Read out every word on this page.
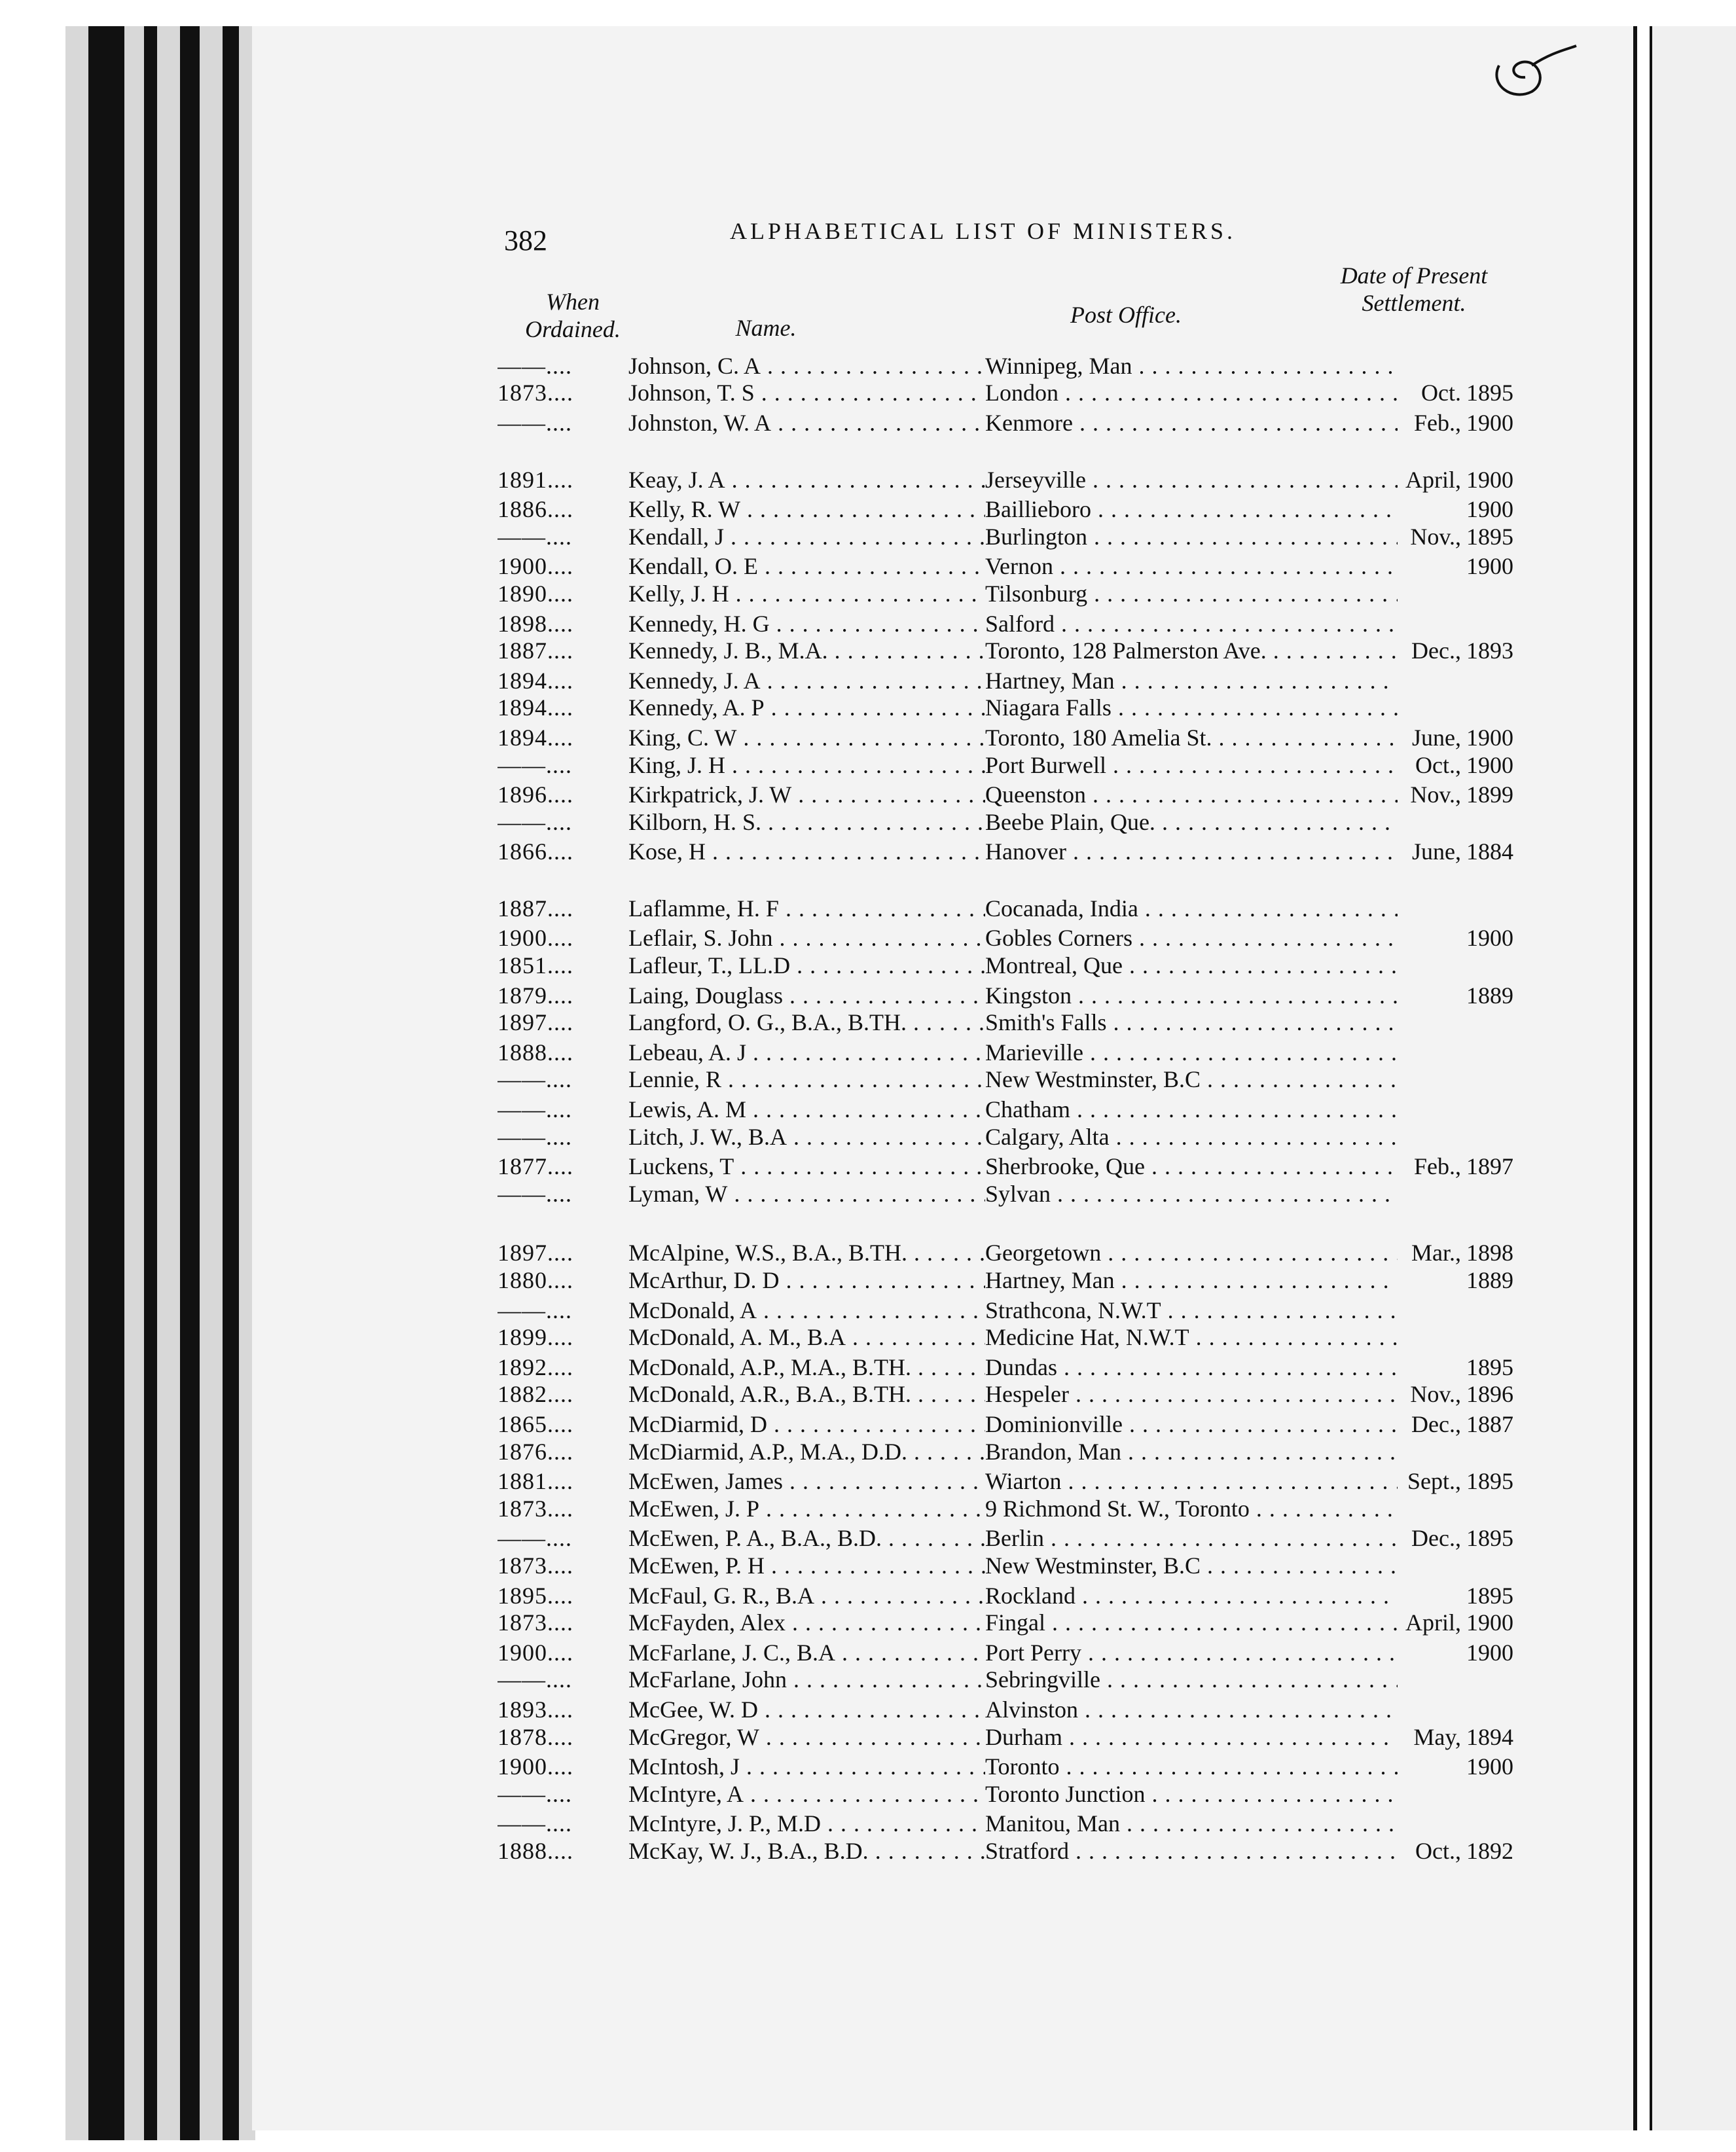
382	ALPHABETICAL LIST OF MINISTERS.
When Ordained.	Name.	Post Office.
Date of Present Settlement.
——....	Johnson, C. A . . .	Winnipeg, Man . . .
1873....	Johnson, T. S . . .	London . . .	Oct. 1895
——....	Johnston, W. A . . .	Kenmore . . .	Feb., 1900
1891....	Keay, J. A . . .	Jerseyville . . .	April, 1900
1886....	Kelly, R. W . . .	Baillieboro . . .	1900
——....	Kendall, J . . .	Burlington . . .	Nov., 1895
1900....	Kendall, O. E . . .	Vernon . . .	1900
1890....	Kelly, J. H . . .	Tilsonburg . . .
1898....	Kennedy, H. G . . .	Salford . . .
1887....	Kennedy, J. B., M.A. . . .	Toronto, 128 Palmerston Ave. . . .	Dec., 1893
1894....	Kennedy, J. A . . .	Hartney, Man . . .
1894....	Kennedy, A. P . . .	Niagara Falls . . .
1894....	King, C. W . . .	Toronto, 180 Amelia St. . . .	June, 1900
——....	King, J. H . . .	Port Burwell . . .	Oct., 1900
1896....	Kirkpatrick, J. W . . .	Queenston . . .	Nov., 1899
——....	Kilborn, H. S. . . .	Beebe Plain, Que. . . .
1866....	Kose, H . . .	Hanover . . .	June, 1884
1887....	Laflamme, H. F . . .	Cocanada, India . . .
1900....	Leflair, S. John . . .	Gobles Corners . . .	1900
1851....	Lafleur, T., LL.D . . .	Montreal, Que . . .
1879....	Laing, Douglass . . .	Kingston . . .	1889
1897....	Langford, O. G., B.A., B.TH. . . .	Smith's Falls . . .
1888....	Lebeau, A. J . . .	Marieville . . .
——....	Lennie, R . . .	New Westminster, B.C . . .
——....	Lewis, A. M . . .	Chatham . . .
——....	Litch, J. W., B.A . . .	Calgary, Alta . . .
1877....	Luckens, T . . .	Sherbrooke, Que . . .	Feb., 1897
——....	Lyman, W . . .	Sylvan . . .
1897....	McAlpine, W.S., B.A., B.TH. . . .	Georgetown . . .	Mar., 1898
1880....	McArthur, D. D . . .	Hartney, Man . . .	1889
——....	McDonald, A . . .	Strathcona, N.W.T . . .
1899....	McDonald, A. M., B.A . . .	Medicine Hat, N.W.T . . .
1892....	McDonald, A.P., M.A., B.TH. . . .	Dundas . . .	1895
1882....	McDonald, A.R., B.A., B.TH. . . .	Hespeler . . .	Nov., 1896
1865....	McDiarmid, D . . .	Dominionville . . .	Dec., 1887
1876....	McDiarmid, A.P., M.A., D.D. . . .	Brandon, Man . . .
1881....	McEwen, James . . .	Wiarton . . .	Sept., 1895
1873....	McEwen, J. P . . .	9 Richmond St. W., Toronto . . .
——....	McEwen, P. A., B.A., B.D. . . .	Berlin . . .	Dec., 1895
1873....	McEwen, P. H . . .	New Westminster, B.C . . .
1895....	McFaul, G. R., B.A . . .	Rockland . . .	1895
1873....	McFayden, Alex . . .	Fingal . . .	April, 1900
1900....	McFarlane, J. C., B.A . . .	Port Perry . . .	1900
——....	McFarlane, John . . .	Sebringville . . .
1893....	McGee, W. D . . .	Alvinston . . .
1878....	McGregor, W . . .	Durham . . .	May, 1894
1900....	McIntosh, J . . .	Toronto . . .	1900
——....	McIntyre, A . . .	Toronto Junction . . .
——....	McIntyre, J. P., M.D . . .	Manitou, Man . . .
1888....	McKay, W. J., B.A., B.D. . . .	Stratford . . .	Oct., 1892
